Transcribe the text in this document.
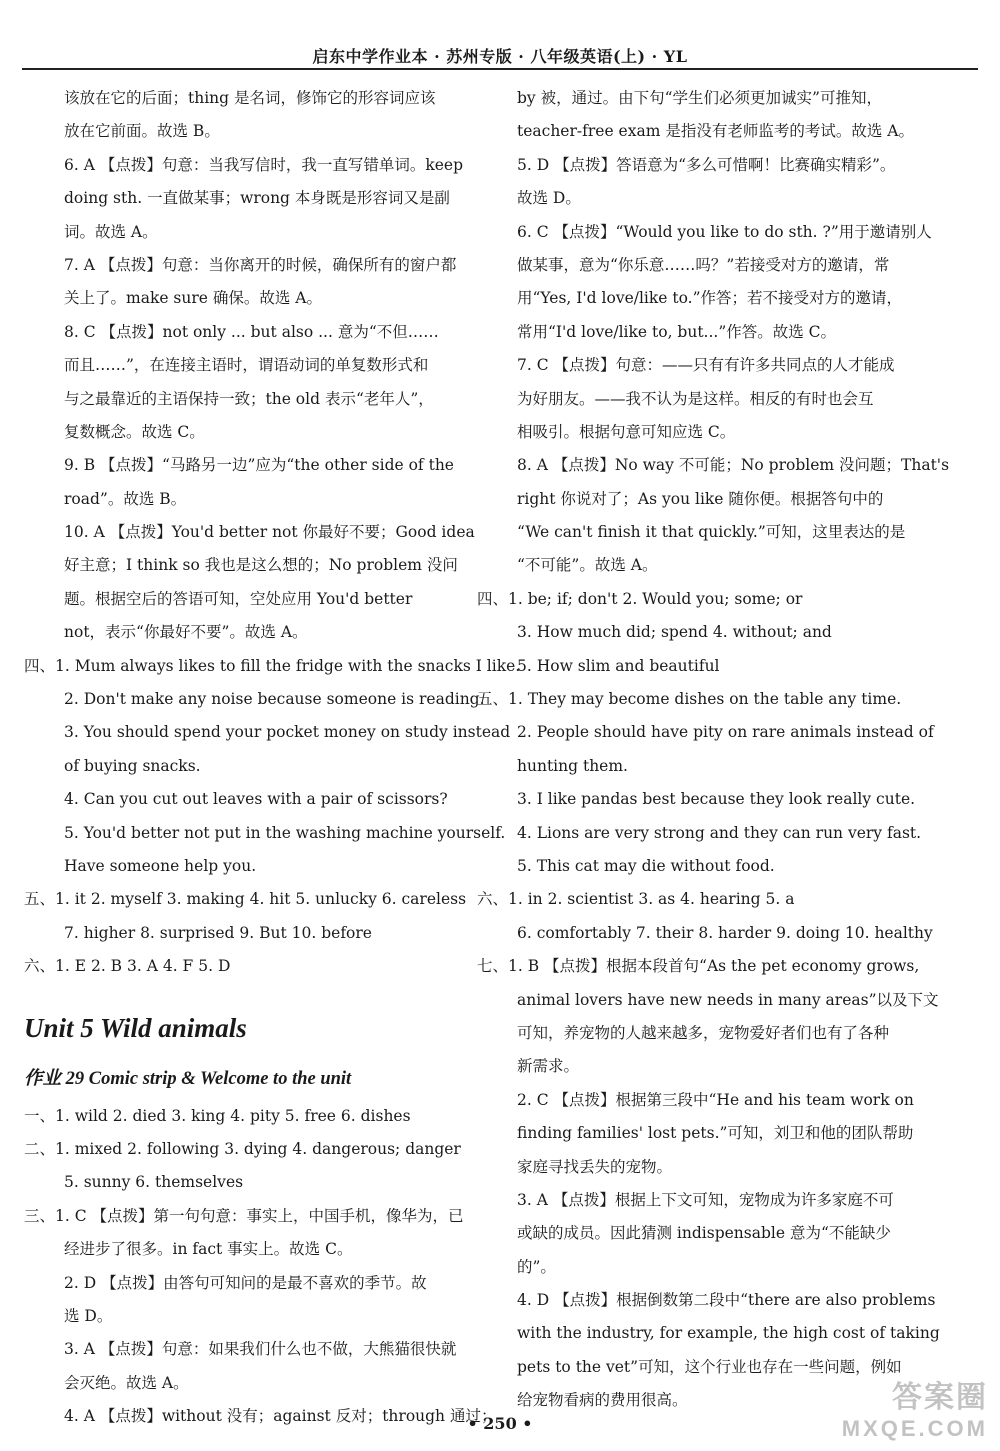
启东中学作业本 · 苏州专版 · 八年级英语(上) · YL
该放在它的后面；thing 是名词，修饰它的形容词应该
放在它前面。故选 B。
6. A 【点拨】句意：当我写信时，我一直写错单词。keep
doing sth. 一直做某事；wrong 本身既是形容词又是副
词。故选 A。
7. A 【点拨】句意：当你离开的时候，确保所有的窗户都
关上了。make sure 确保。故选 A。
8. C 【点拨】not only ... but also ... 意为“不但……
而且……”，在连接主语时，谓语动词的单复数形式和
与之最靠近的主语保持一致；the old 表示“老年人”，
复数概念。故选 C。
9. B 【点拨】“马路另一边”应为“the other side of the
road”。故选 B。
10. A 【点拨】You'd better not 你最好不要；Good idea
好主意；I think so 我也是这么想的；No problem 没问
题。根据空后的答语可知，空处应用 You'd better
not，表示“你最好不要”。故选 A。
四、1. Mum always likes to fill the fridge with the snacks I like.
2. Don't make any noise because someone is reading.
3. You should spend your pocket money on study instead
of buying snacks.
4. Can you cut out leaves with a pair of scissors?
5. You'd better not put in the washing machine yourself.
Have someone help you.
五、1. it 2. myself 3. making 4. hit 5. unlucky 6. careless
7. higher 8. surprised 9. But 10. before
六、1. E 2. B 3. A 4. F 5. D
Unit 5 Wild animals
作业 29 Comic strip & Welcome to the unit
一、1. wild 2. died 3. king 4. pity 5. free 6. dishes
二、1. mixed 2. following 3. dying 4. dangerous; danger
5. sunny 6. themselves
三、1. C 【点拨】第一句句意：事实上，中国手机，像华为，已
经进步了很多。in fact 事实上。故选 C。
2. D 【点拨】由答句可知问的是最不喜欢的季节。故
选 D。
3. A 【点拨】句意：如果我们什么也不做，大熊猫很快就
会灭绝。故选 A。
4. A 【点拨】without 没有；against 反对；through 通过；
by 被，通过。由下句“学生们必须更加诚实”可推知，
teacher-free exam 是指没有老师监考的考试。故选 A。
5. D 【点拨】答语意为“多么可惜啊！比赛确实精彩”。
故选 D。
6. C 【点拨】“Would you like to do sth. ?”用于邀请别人
做某事，意为“你乐意……吗？”若接受对方的邀请，常
用“Yes, I'd love/like to.”作答；若不接受对方的邀请，
常用“I'd love/like to, but...”作答。故选 C。
7. C 【点拨】句意：——只有有许多共同点的人才能成
为好朋友。——我不认为是这样。相反的有时也会互
相吸引。根据句意可知应选 C。
8. A 【点拨】No way 不可能；No problem 没问题；That's
right 你说对了；As you like 随你便。根据答句中的
“We can't finish it that quickly.”可知，这里表达的是
“不可能”。故选 A。
四、1. be; if; don't 2. Would you; some; or
3. How much did; spend 4. without; and
5. How slim and beautiful
五、1. They may become dishes on the table any time.
2. People should have pity on rare animals instead of
hunting them.
3. I like pandas best because they look really cute.
4. Lions are very strong and they can run very fast.
5. This cat may die without food.
六、1. in 2. scientist 3. as 4. hearing 5. a
6. comfortably 7. their 8. harder 9. doing 10. healthy
七、1. B 【点拨】根据本段首句“As the pet economy grows,
animal lovers have new needs in many areas”以及下文
可知，养宠物的人越来越多，宠物爱好者们也有了各种
新需求。
2. C 【点拨】根据第三段中“He and his team work on
finding families' lost pets.”可知，刘卫和他的团队帮助
家庭寻找丢失的宠物。
3. A 【点拨】根据上下文可知，宠物成为许多家庭不可
或缺的成员。因此猜测 indispensable 意为“不能缺少
的”。
4. D 【点拨】根据倒数第二段中“there are also problems
with the industry, for example, the high cost of taking
pets to the vet”可知，这个行业也存在一些问题，例如
给宠物看病的费用很高。
• 250 •
答案圈
MXQE.COM
